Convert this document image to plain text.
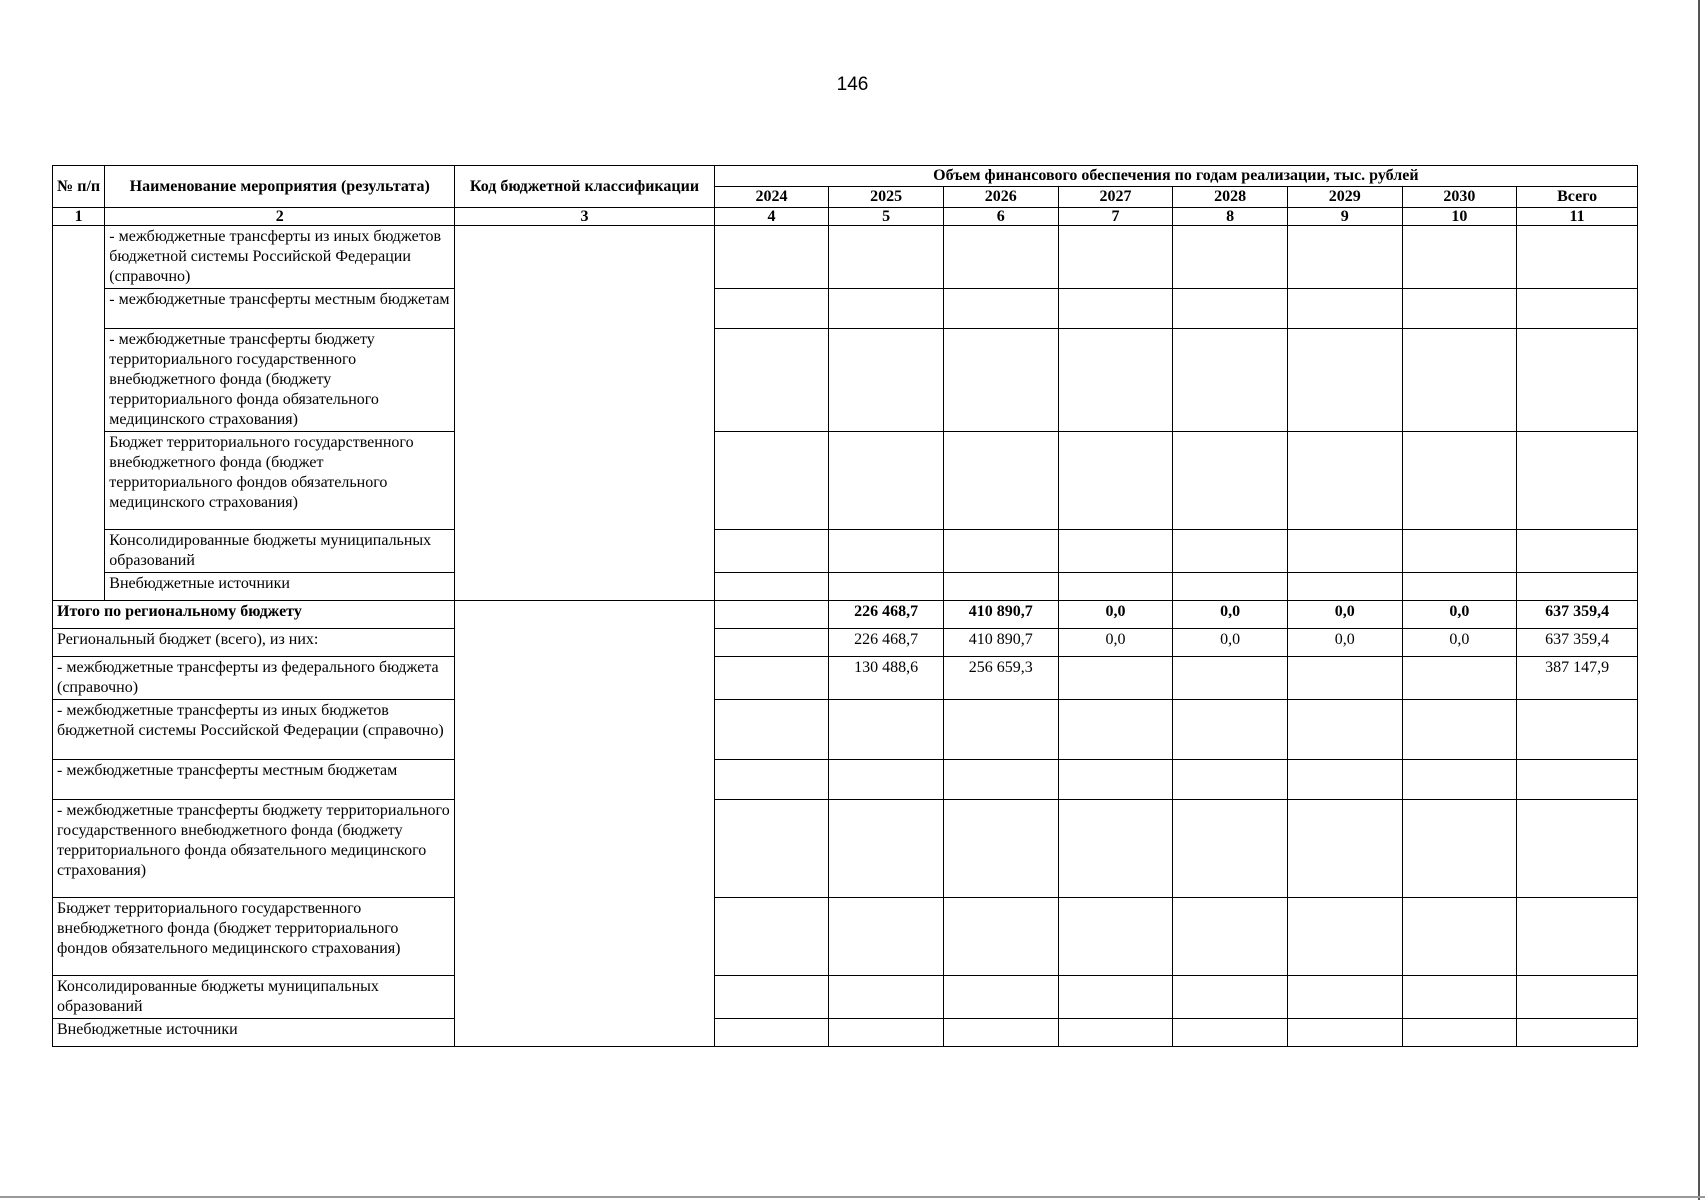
146
№ п/п	Наименование мероприятия (результата)	Код бюджетной классификации	Объем финансового обеспечения по годам реализации, тыс. рублей							
			2024	2025	2026	2027	2028	2029	2030	Всего
1	2	3	4	5	6	7	8	9	10	11
	- межбюджетные трансферты из иных бюджетов бюджетной системы Российской Федерации (справочно)									
	- межбюджетные трансферты местным бюджетам									
	- межбюджетные трансферты бюджету территориального государственного внебюджетного фонда (бюджету территориального фонда обязательного медицинского страхования)									
	Бюджет территориального государственного внебюджетного фонда (бюджет территориального фондов обязательного медицинского страхования)									
	Консолидированные бюджеты муниципальных образований									
	Внебюджетные источники									
Итого по региональному бюджету				226 468,7	410 890,7	0,0	0,0	0,0	0,0	637 359,4
Региональный бюджет (всего), из них:				226 468,7	410 890,7	0,0	0,0	0,0	0,0	637 359,4
- межбюджетные трансферты из федерального бюджета (справочно)				130 488,6	256 659,3					387 147,9
- межбюджетные трансферты из иных бюджетов бюджетной системы Российской Федерации (справочно)										
- межбюджетные трансферты местным бюджетам										
- межбюджетные трансферты бюджету территориального государственного внебюджетного фонда (бюджету территориального фонда обязательного медицинского страхования)										
Бюджет территориального государственного внебюджетного фонда (бюджет территориального фондов обязательного медицинского страхования)										
Консолидированные бюджеты муниципальных образований										
Внебюджетные источники										
